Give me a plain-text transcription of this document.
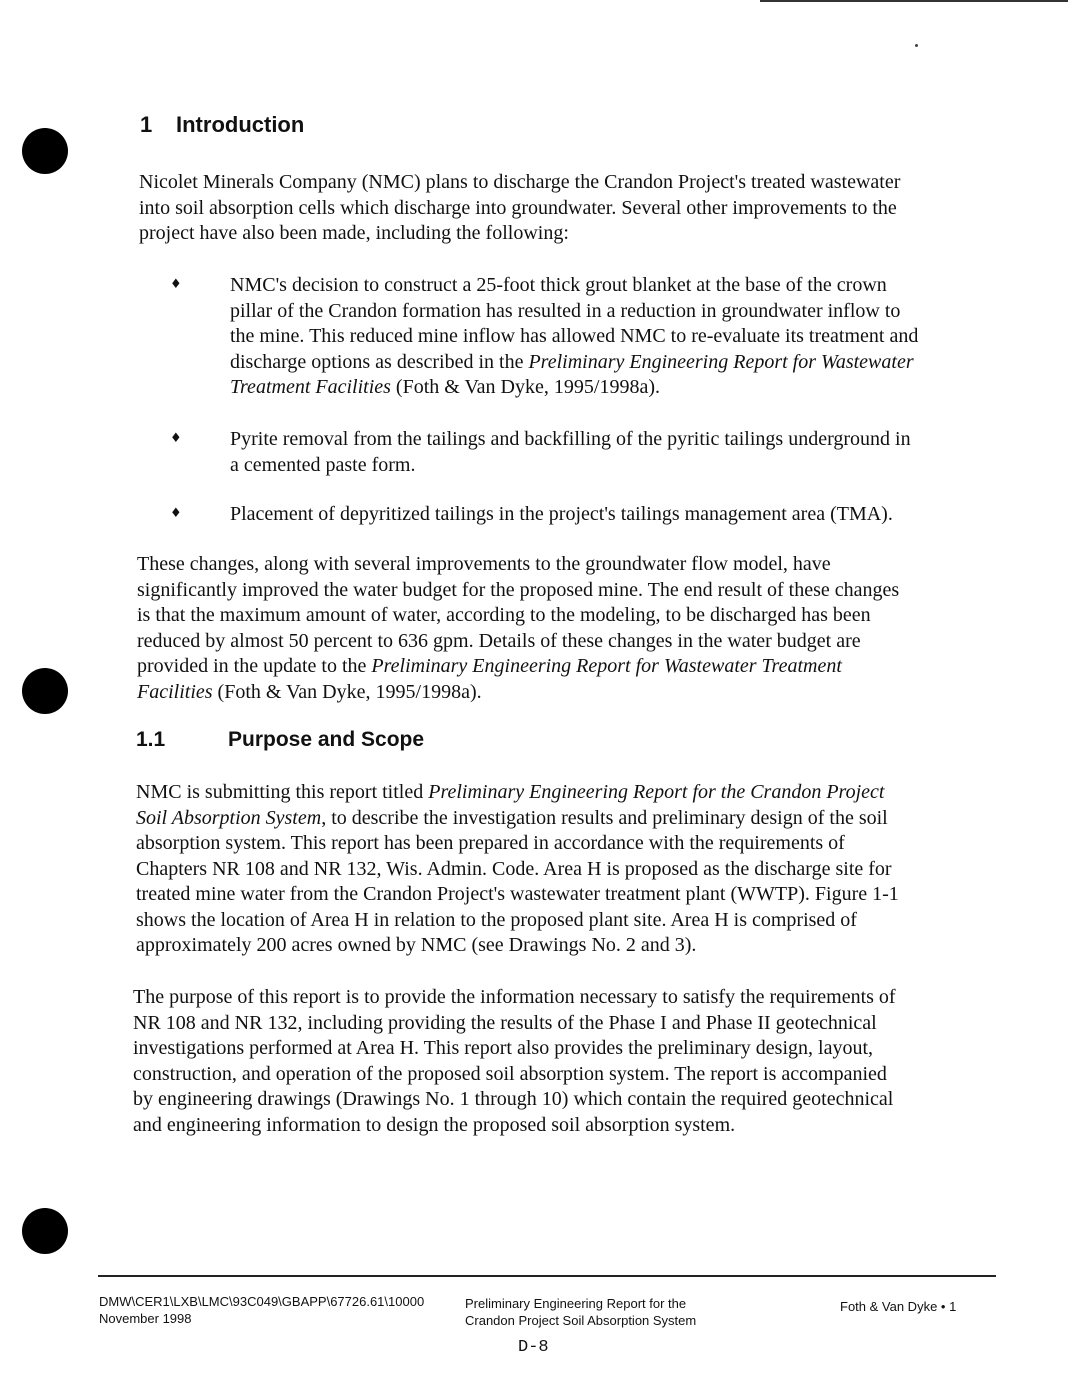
1 Introduction
Nicolet Minerals Company (NMC) plans to discharge the Crandon Project's treated wastewater
into soil absorption cells which discharge into groundwater. Several other improvements to the
project have also been made, including the following:
♦ NMC's decision to construct a 25-foot thick grout blanket at the base of the crown
pillar of the Crandon formation has resulted in a reduction in groundwater inflow to
the mine. This reduced mine inflow has allowed NMC to re-evaluate its treatment and
discharge options as described in the Preliminary Engineering Report for Wastewater
Treatment Facilities (Foth & Van Dyke, 1995/1998a).
♦ Pyrite removal from the tailings and backfilling of the pyritic tailings underground in
a cemented paste form.
♦ Placement of depyritized tailings in the project's tailings management area (TMA).
These changes, along with several improvements to the groundwater flow model, have
significantly improved the water budget for the proposed mine. The end result of these changes
is that the maximum amount of water, according to the modeling, to be discharged has been
reduced by almost 50 percent to 636 gpm. Details of these changes in the water budget are
provided in the update to the Preliminary Engineering Report for Wastewater Treatment
Facilities (Foth & Van Dyke, 1995/1998a).
1.1	Purpose and Scope
NMC is submitting this report titled Preliminary Engineering Report for the Crandon Project
Soil Absorption System, to describe the investigation results and preliminary design of the soil
absorption system. This report has been prepared in accordance with the requirements of
Chapters NR 108 and NR 132, Wis. Admin. Code. Area H is proposed as the discharge site for
treated mine water from the Crandon Project's wastewater treatment plant (WWTP). Figure 1-1
shows the location of Area H in relation to the proposed plant site. Area H is comprised of
approximately 200 acres owned by NMC (see Drawings No. 2 and 3).
The purpose of this report is to provide the information necessary to satisfy the requirements of
NR 108 and NR 132, including providing the results of the Phase I and Phase II geotechnical
investigations performed at Area H. This report also provides the preliminary design, layout,
construction, and operation of the proposed soil absorption system. The report is accompanied
by engineering drawings (Drawings No. 1 through 10) which contain the required geotechnical
and engineering information to design the proposed soil absorption system.
DMW\CER1\LXB\LMC\93C049\GBAPP\67726.61\10000
November 1998
Preliminary Engineering Report for the
Crandon Project Soil Absorption System
Foth & Van Dyke • 1
D-8
